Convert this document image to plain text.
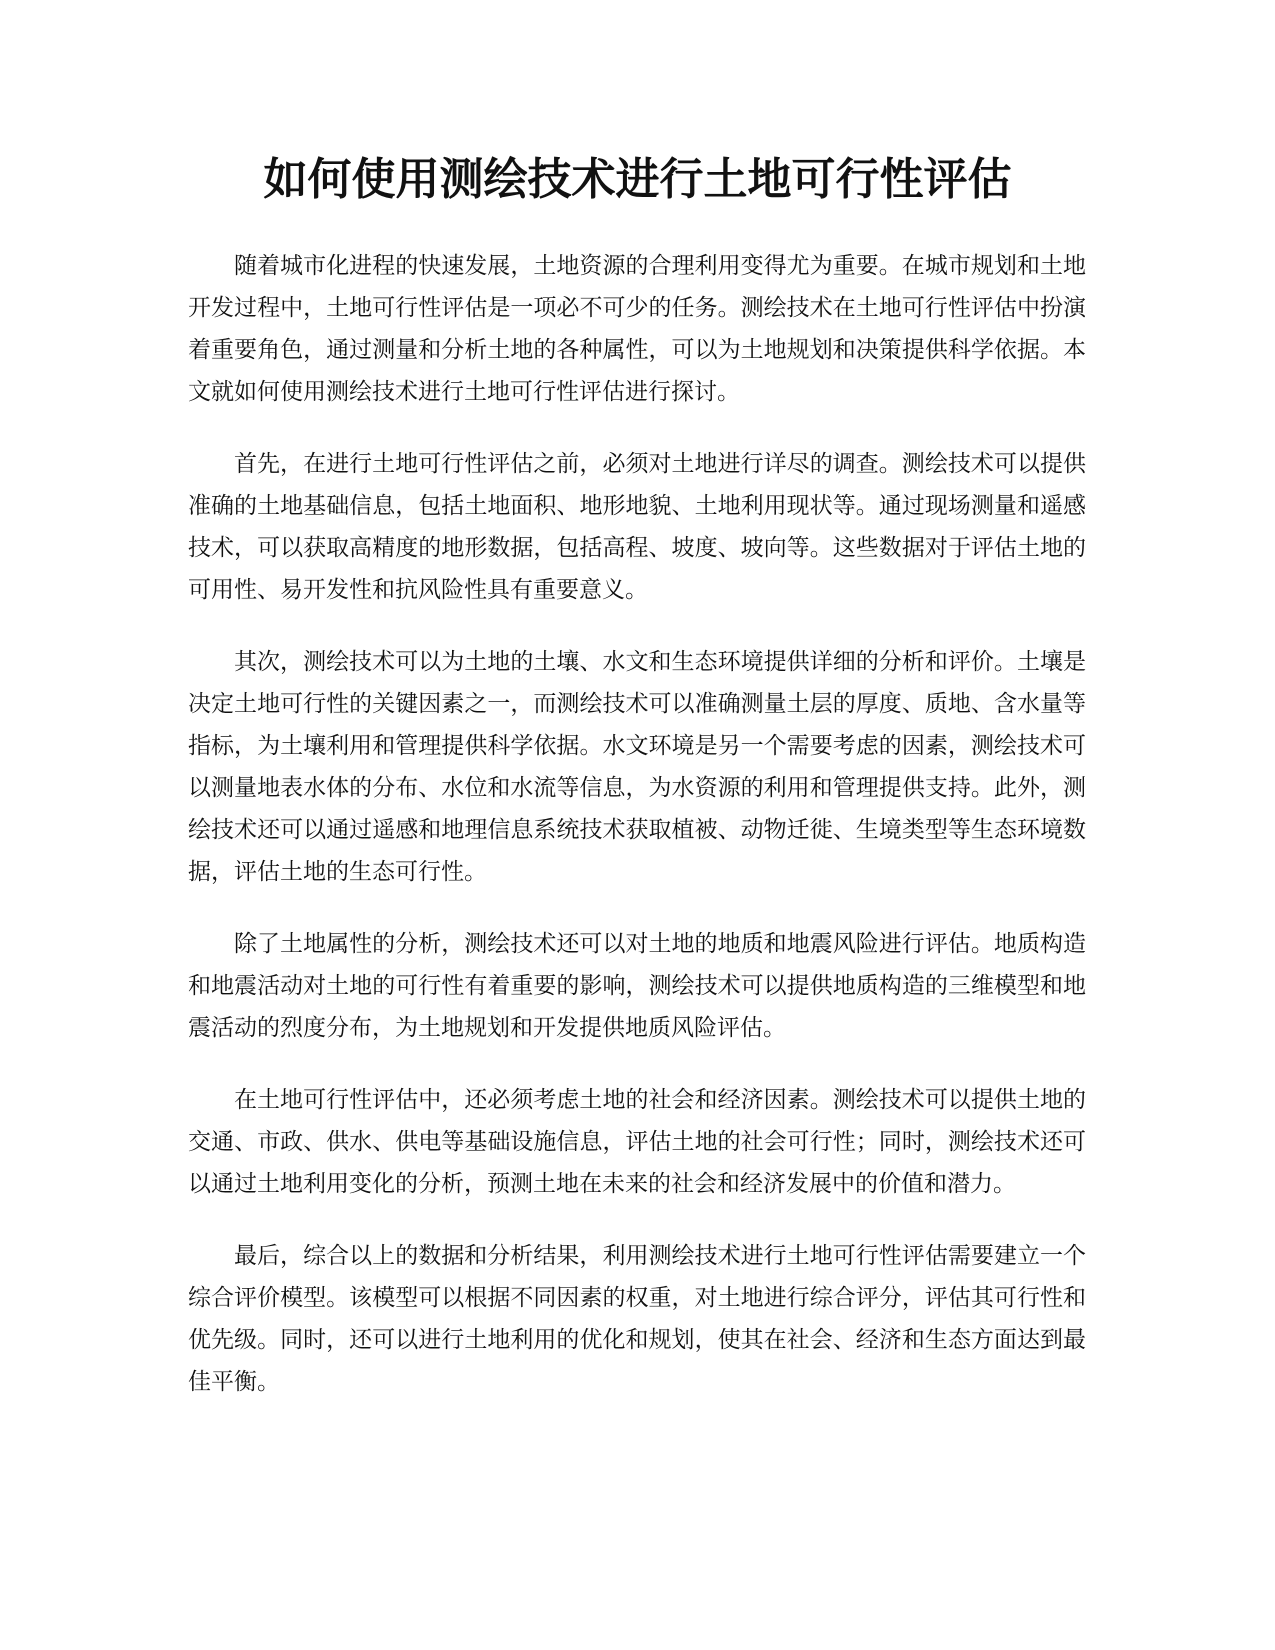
如何使用测绘技术进行土地可行性评估

随着城市化进程的快速发展，土地资源的合理利用变得尤为重要。在城市规划和土地开发过程中，土地可行性评估是一项必不可少的任务。测绘技术在土地可行性评估中扮演着重要角色，通过测量和分析土地的各种属性，可以为土地规划和决策提供科学依据。本文就如何使用测绘技术进行土地可行性评估进行探讨。

首先，在进行土地可行性评估之前，必须对土地进行详尽的调查。测绘技术可以提供准确的土地基础信息，包括土地面积、地形地貌、土地利用现状等。通过现场测量和遥感技术，可以获取高精度的地形数据，包括高程、坡度、坡向等。这些数据对于评估土地的可用性、易开发性和抗风险性具有重要意义。

其次，测绘技术可以为土地的土壤、水文和生态环境提供详细的分析和评价。土壤是决定土地可行性的关键因素之一，而测绘技术可以准确测量土层的厚度、质地、含水量等指标，为土壤利用和管理提供科学依据。水文环境是另一个需要考虑的因素，测绘技术可以测量地表水体的分布、水位和水流等信息，为水资源的利用和管理提供支持。此外，测绘技术还可以通过遥感和地理信息系统技术获取植被、动物迁徙、生境类型等生态环境数据，评估土地的生态可行性。

除了土地属性的分析，测绘技术还可以对土地的地质和地震风险进行评估。地质构造和地震活动对土地的可行性有着重要的影响，测绘技术可以提供地质构造的三维模型和地震活动的烈度分布，为土地规划和开发提供地质风险评估。

在土地可行性评估中，还必须考虑土地的社会和经济因素。测绘技术可以提供土地的交通、市政、供水、供电等基础设施信息，评估土地的社会可行性；同时，测绘技术还可以通过土地利用变化的分析，预测土地在未来的社会和经济发展中的价值和潜力。

最后，综合以上的数据和分析结果，利用测绘技术进行土地可行性评估需要建立一个综合评价模型。该模型可以根据不同因素的权重，对土地进行综合评分，评估其可行性和优先级。同时，还可以进行土地利用的优化和规划，使其在社会、经济和生态方面达到最佳平衡。
